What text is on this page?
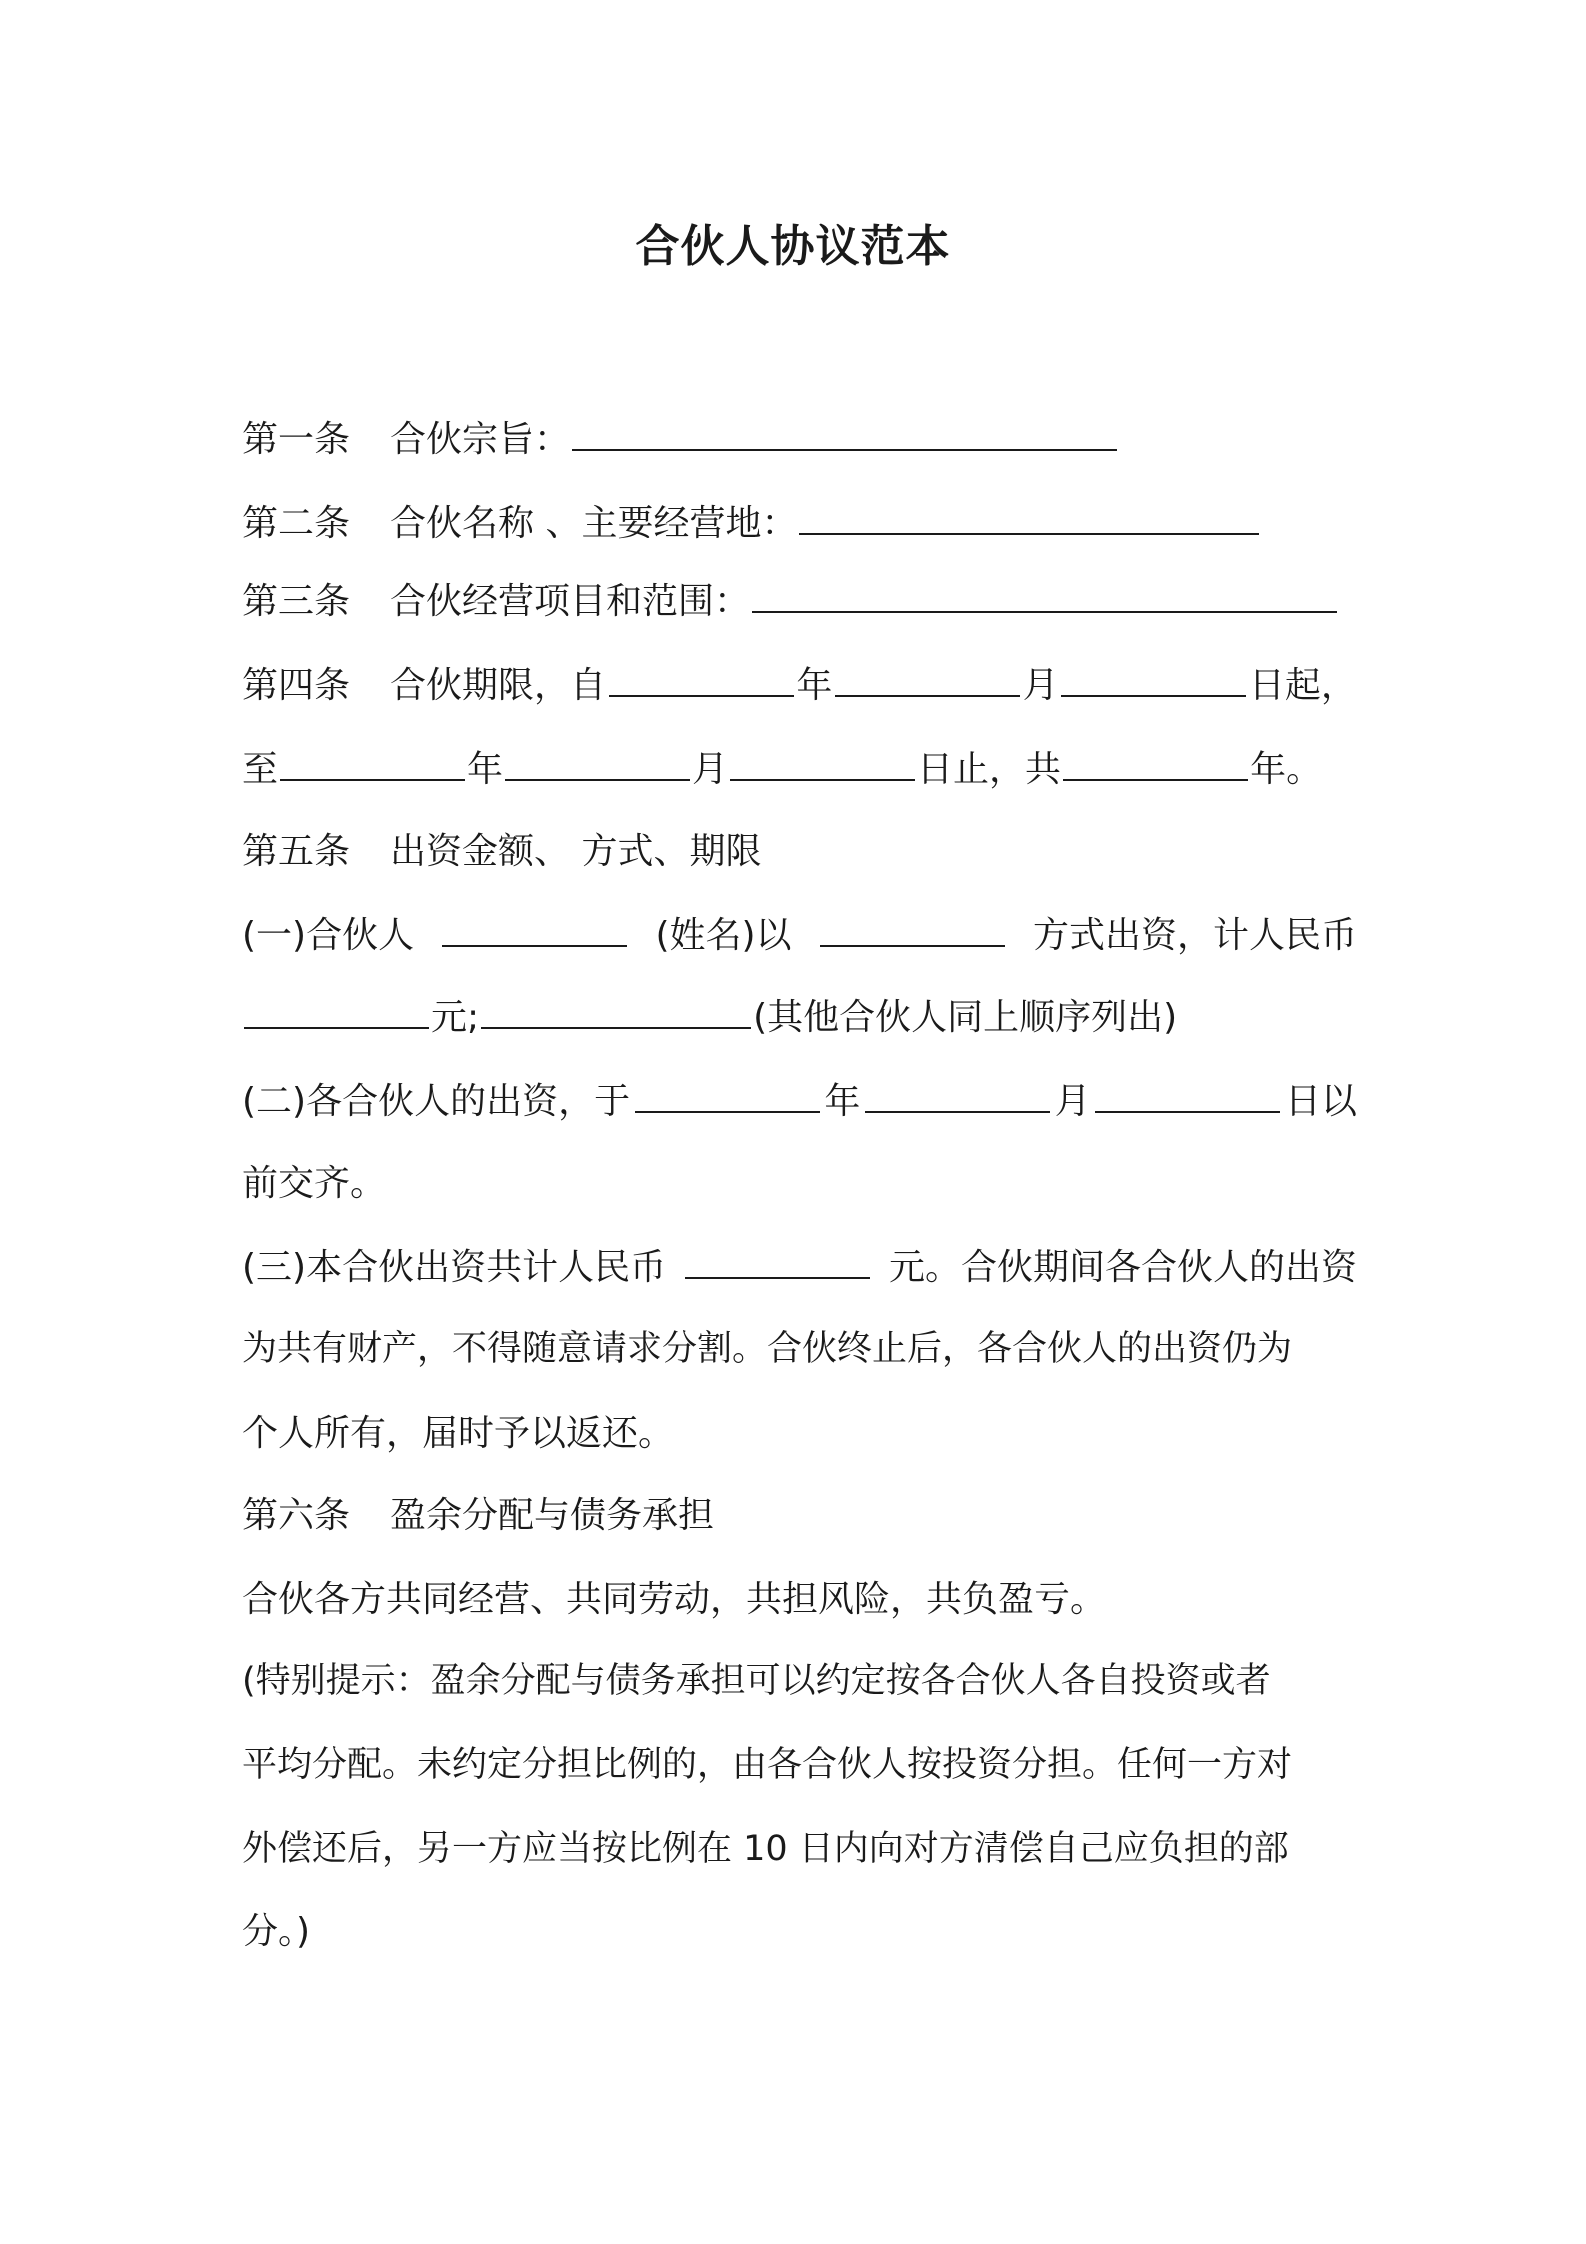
合伙人协议范本
第一条 合伙宗旨：
第二条 合伙名称 、主要经营地：
第三条 合伙经营项目和范围：
第四条 合伙期限，自	年	月	日起，
至	年	月	日止，共	年。
第五条 出资金额、 方式、期限
(一)合伙人	(姓名)以	方式出资，计人民币
元;	(其他合伙人同上顺序列出)
(二)各合伙人的出资，于	年	月	日以
前交齐。
(三)本合伙出资共计人民币	元。合伙期间各合伙人的出资
为共有财产，不得随意请求分割。合伙终止后，各合伙人的出资仍为
个人所有，届时予以返还。
第六条 盈余分配与债务承担
合伙各方共同经营、共同劳动，共担风险，共负盈亏。
(特别提示：盈余分配与债务承担可以约定按各合伙人各自投资或者
平均分配。未约定分担比例的，由各合伙人按投资分担。任何一方对
外偿还后，另一方应当按比例在 10 日内向对方清偿自己应负担的部
分。)
